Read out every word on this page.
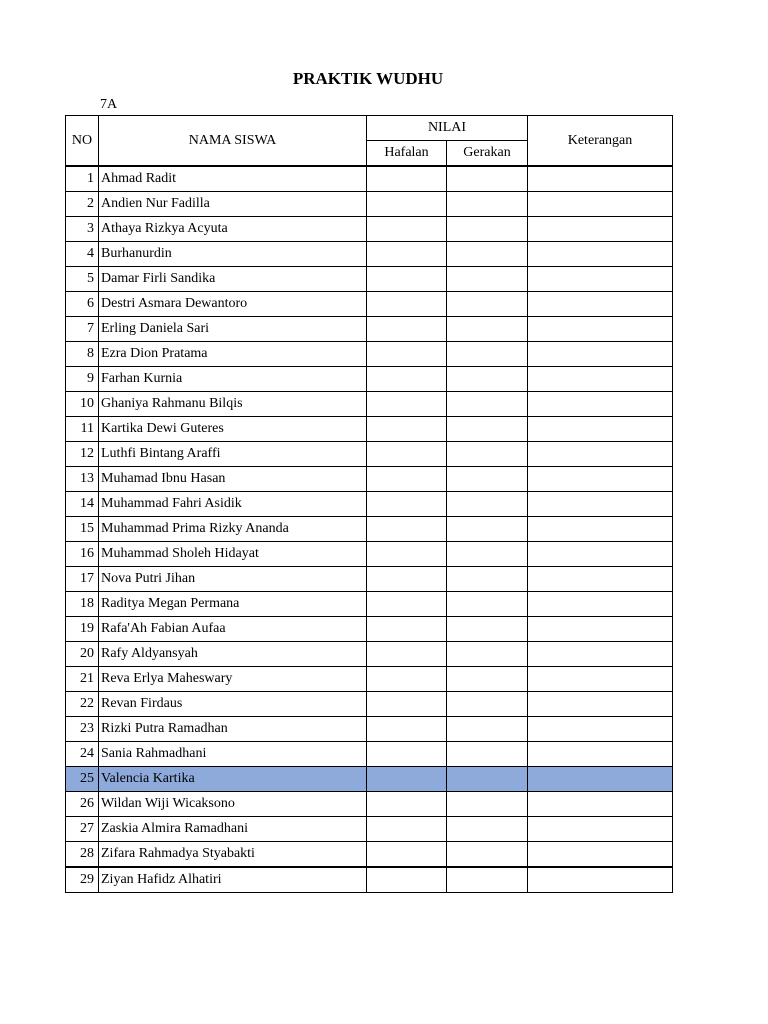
PRAKTIK WUDHU
7A
NO	NAMA SISWA	NILAI		Keterangan
		Hafalan	Gerakan	
1	Ahmad Radit			
2	Andien Nur Fadilla			
3	Athaya Rizkya Acyuta			
4	Burhanurdin			
5	Damar Firli Sandika			
6	Destri Asmara Dewantoro			
7	Erling Daniela Sari			
8	Ezra Dion Pratama			
9	Farhan Kurnia			
10	Ghaniya Rahmanu Bilqis			
11	Kartika Dewi Guteres			
12	Luthfi Bintang Araffi			
13	Muhamad Ibnu Hasan			
14	Muhammad Fahri Asidik			
15	Muhammad Prima Rizky Ananda			
16	Muhammad Sholeh Hidayat			
17	Nova Putri Jihan			
18	Raditya Megan Permana			
19	Rafa'Ah Fabian Aufaa			
20	Rafy Aldyansyah			
21	Reva Erlya Maheswary			
22	Revan Firdaus			
23	Rizki Putra Ramadhan			
24	Sania Rahmadhani			
25	Valencia Kartika			
26	Wildan Wiji Wicaksono			
27	Zaskia Almira Ramadhani			
28	Zifara Rahmadya Styabakti			
29	Ziyan Hafidz Alhatiri			
